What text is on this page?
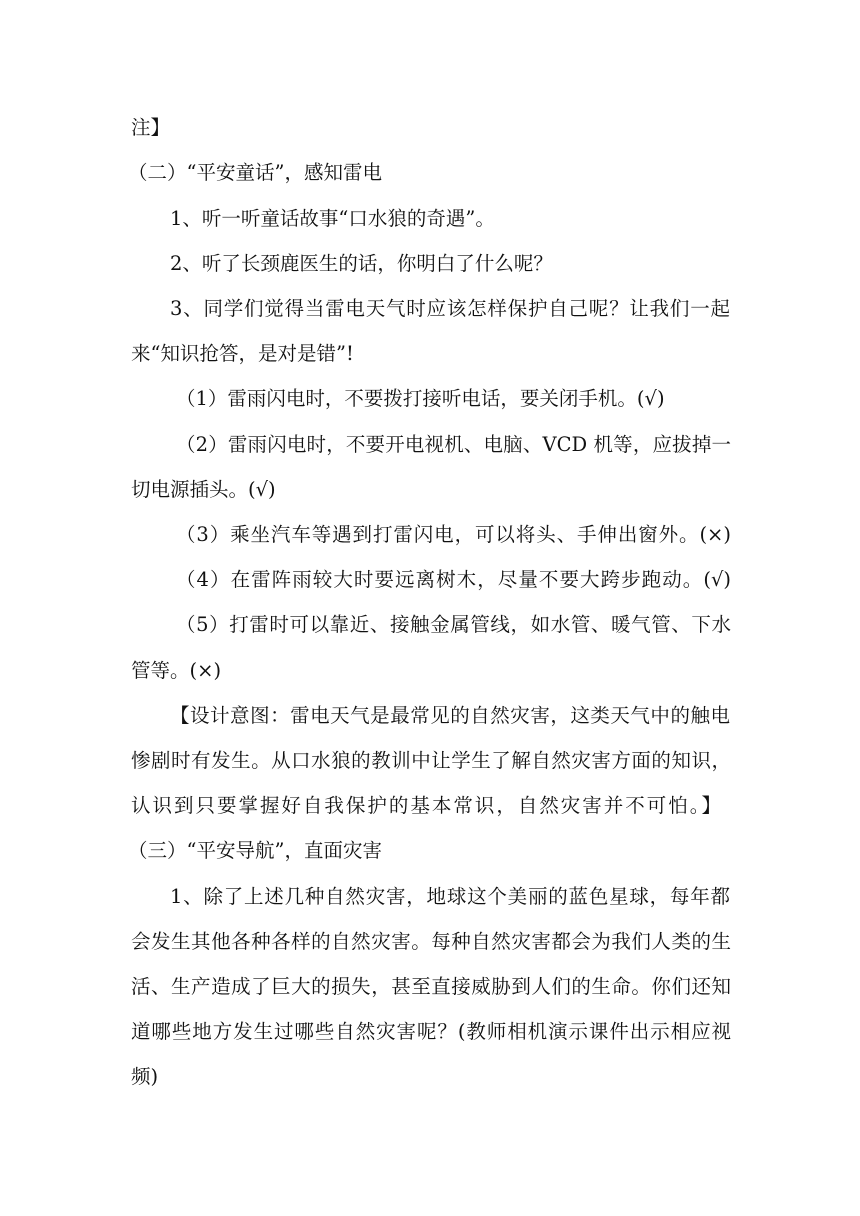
注】
（二）“平安童话”，感知雷电
1、听一听童话故事“口水狼的奇遇”。
2、听了长颈鹿医生的话，你明白了什么呢？
3、同学们觉得当雷电天气时应该怎样保护自己呢？让我们一起
来“知识抢答，是对是错”!
（1）雷雨闪电时，不要拨打接听电话，要关闭手机。(√)
（2）雷雨闪电时，不要开电视机、电脑、VCD 机等，应拔掉一
切电源插头。(√)
（3）乘坐汽车等遇到打雷闪电，可以将头、手伸出窗外。(×)
（4）在雷阵雨较大时要远离树木，尽量不要大跨步跑动。(√)
（5）打雷时可以靠近、接触金属管线，如水管、暖气管、下水
管等。(×)
【设计意图：雷电天气是最常见的自然灾害，这类天气中的触电
惨剧时有发生。从口水狼的教训中让学生了解自然灾害方面的知识，
认识到只要掌握好自我保护的基本常识，自然灾害并不可怕。】
（三）“平安导航”，直面灾害
1、除了上述几种自然灾害，地球这个美丽的蓝色星球，每年都
会发生其他各种各样的自然灾害。每种自然灾害都会为我们人类的生
活、生产造成了巨大的损失，甚至直接威胁到人们的生命。你们还知
道哪些地方发生过哪些自然灾害呢？(教师相机演示课件出示相应视
频)
